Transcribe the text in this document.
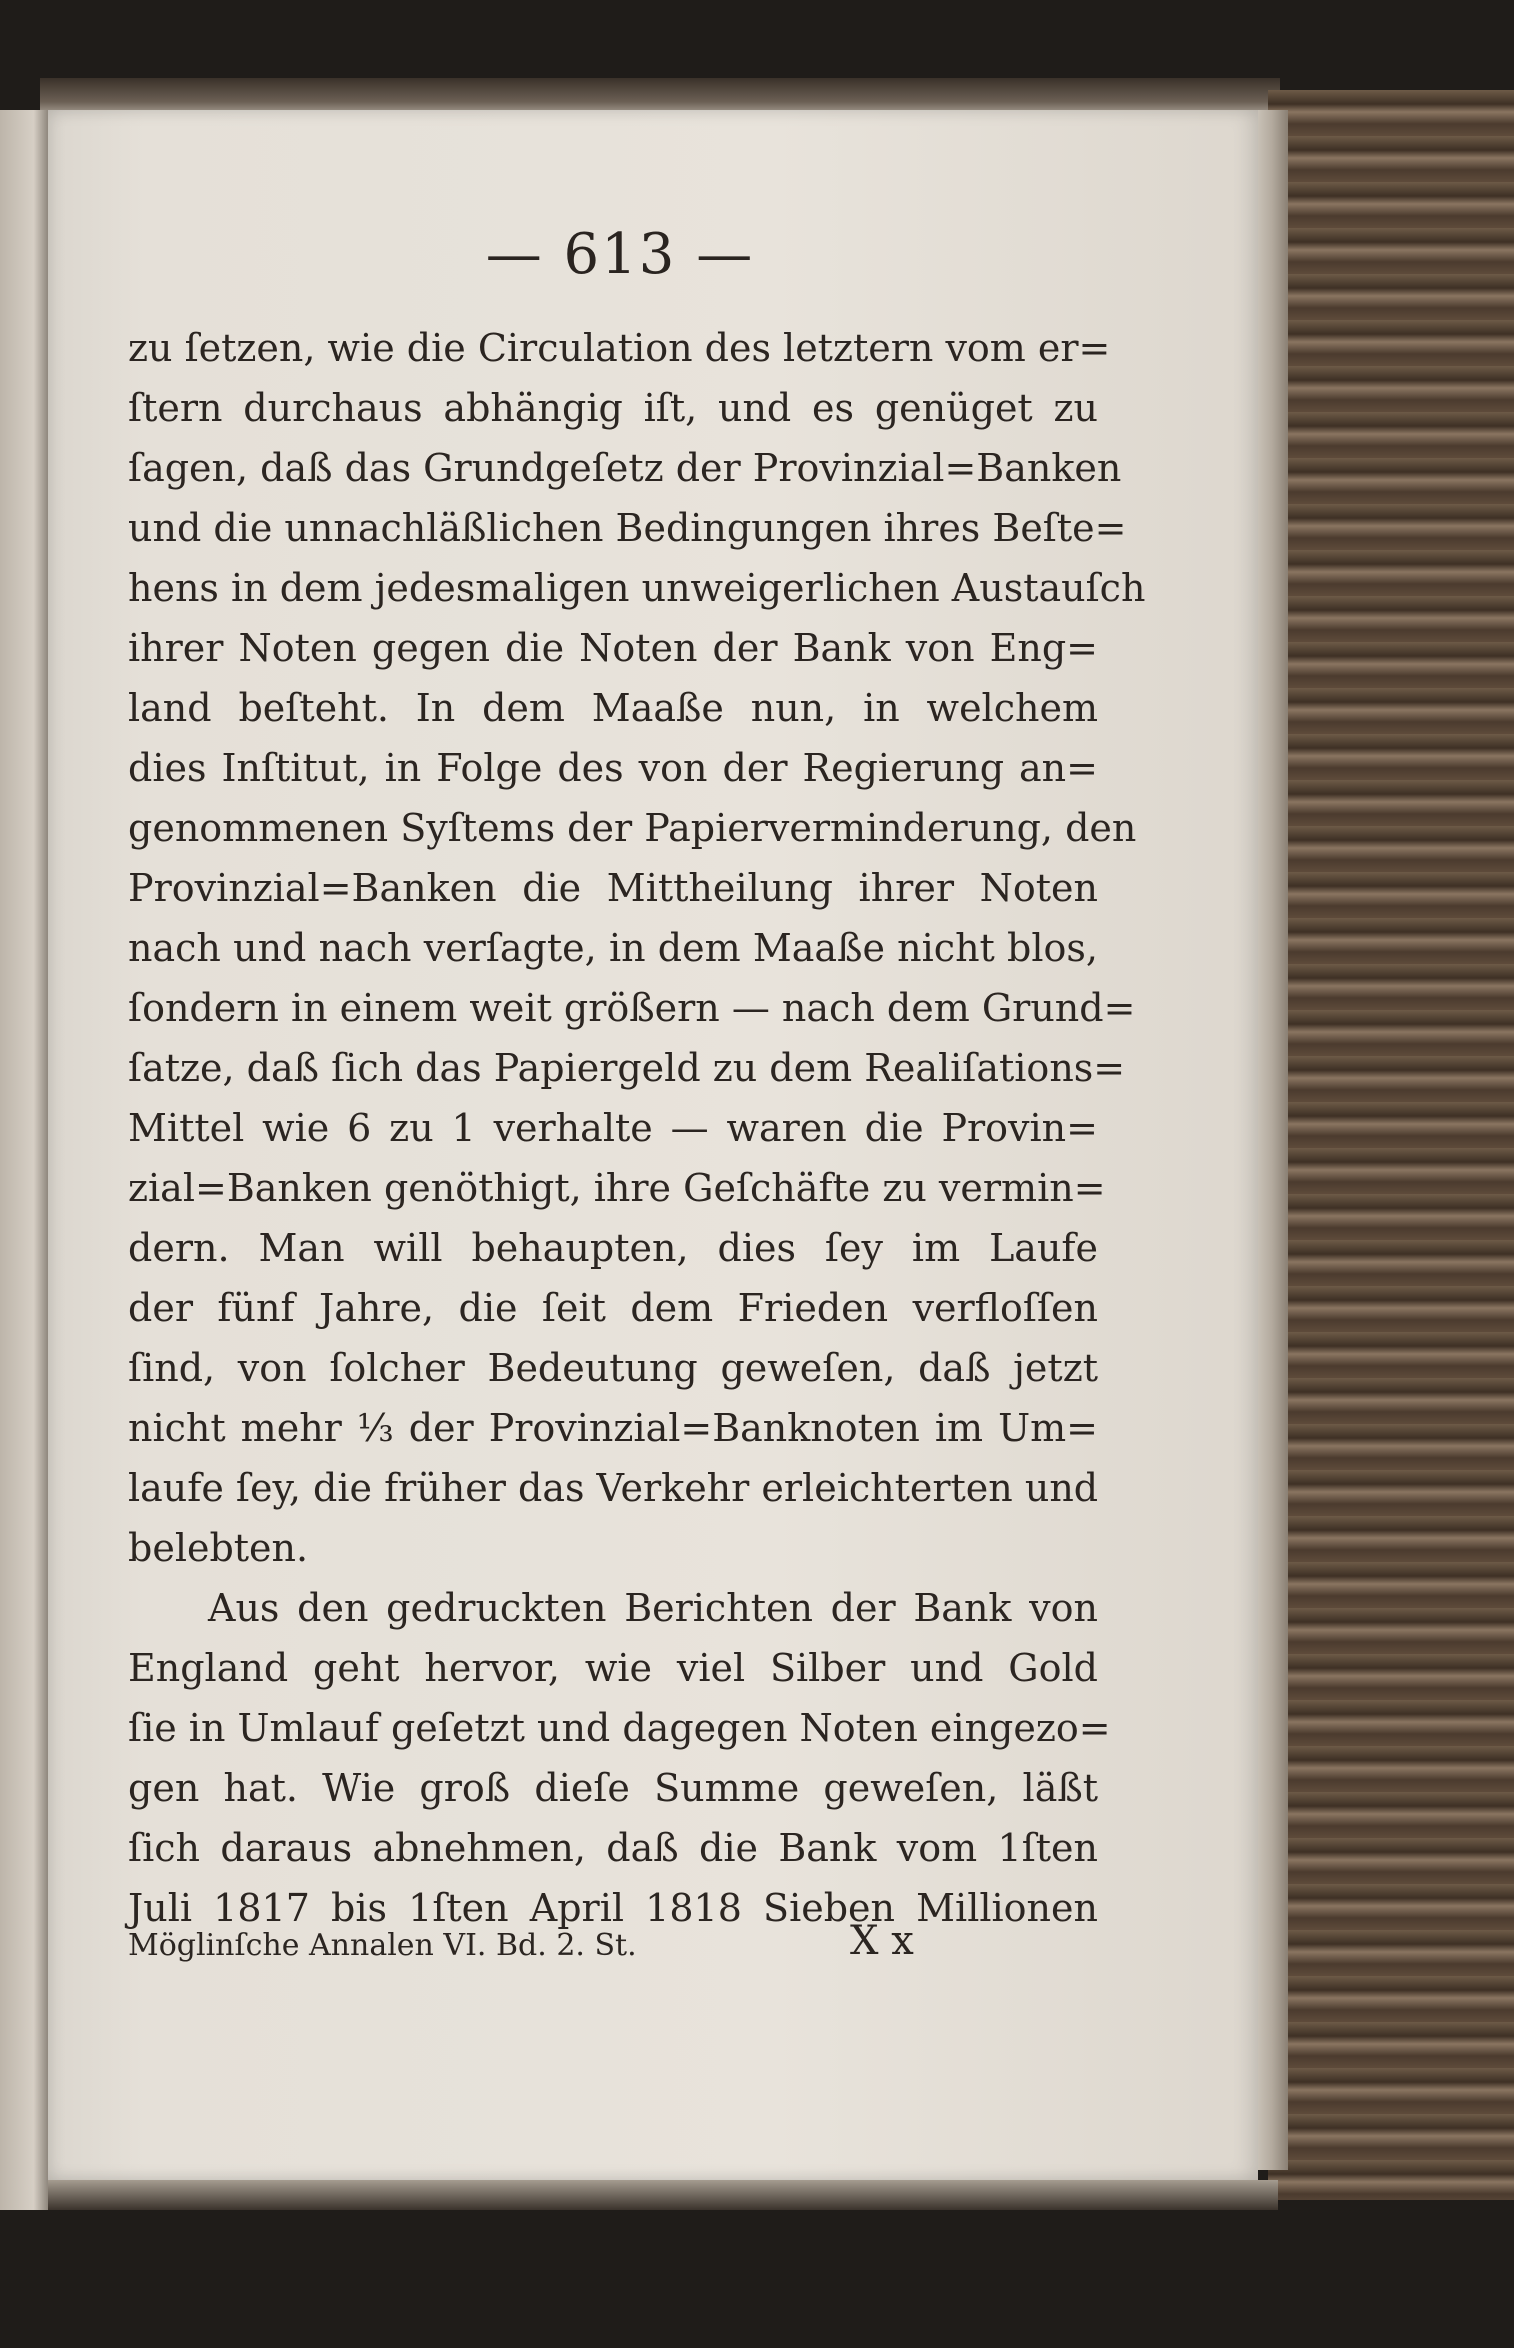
— 613 —
zu ſetzen, wie die Circulation des letztern vom er=
ſtern durchaus abhängig iſt, und es genüget zu
ſagen, daß das Grundgeſetz der Provinzial=Banken
und die unnachläßlichen Bedingungen ihres Beſte=
hens in dem jedesmaligen unweigerlichen Austauſch
ihrer Noten gegen die Noten der Bank von Eng=
land beſteht. In dem Maaße nun, in welchem
dies Inſtitut, in Folge des von der Regierung an=
genommenen Syſtems der Papierverminderung, den
Provinzial=Banken die Mittheilung ihrer Noten
nach und nach verſagte, in dem Maaße nicht blos,
ſondern in einem weit größern — nach dem Grund=
ſatze, daß ſich das Papiergeld zu dem Realiſations=
Mittel wie 6 zu 1 verhalte — waren die Provin=
zial=Banken genöthigt, ihre Geſchäfte zu vermin=
dern. Man will behaupten, dies ſey im Laufe
der fünf Jahre, die ſeit dem Frieden verfloſſen
ſind, von ſolcher Bedeutung geweſen, daß jetzt
nicht mehr ⅓ der Provinzial=Banknoten im Um=
laufe ſey, die früher das Verkehr erleichterten und
belebten.
Aus den gedruckten Berichten der Bank von
England geht hervor, wie viel Silber und Gold
ſie in Umlauf geſetzt und dagegen Noten eingezo=
gen hat. Wie groß dieſe Summe geweſen, läßt
ſich daraus abnehmen, daß die Bank vom 1ſten
Juli 1817 bis 1ſten April 1818 Sieben Millionen
Möglinſche Annalen VI. Bd. 2. St.	X x
